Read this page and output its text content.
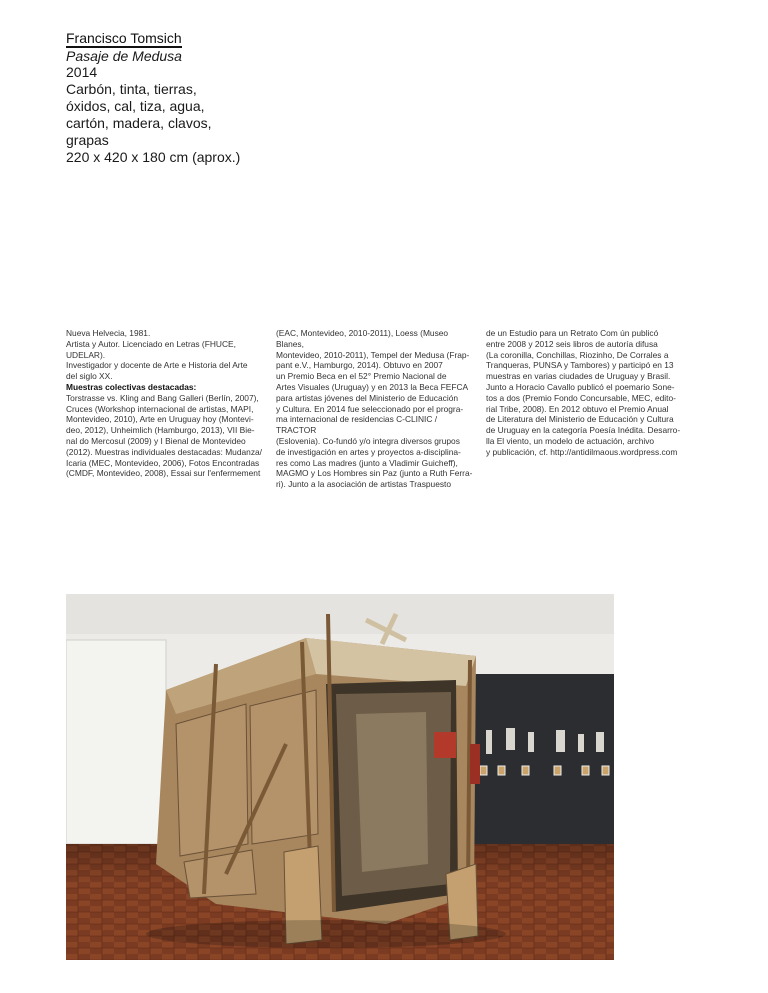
Francisco Tomsich
Pasaje de Medusa
2014
Carbón, tinta, tierras,
óxidos, cal, tiza, agua,
cartón, madera, clavos,
grapas
220 x 420 x 180 cm (aprox.)

Nueva Helvecia, 1981.

Artista y Autor. Licenciado en Letras (FHUCE, UDELAR).

Investigador y docente de Arte e Historia del Arte

del siglo XX.

Muestras colectivas destacadas:

Torstrasse vs. Kling and Bang Galleri (Berlín, 2007),

Cruces (Workshop internacional de artistas, MAPI,

Montevideo, 2010), Arte en Uruguay hoy (Montevi-

deo, 2012), Unheimlich (Hamburgo, 2013), VII Bie-

nal do Mercosul (2009) y I Bienal de Montevideo

(2012). Muestras individuales destacadas: Mudanza/

Icaria (MEC, Montevideo, 2006), Fotos Encontradas

(CMDF, Montevideo, 2008), Essai sur l'enfermement

(EAC, Montevideo, 2010-2011), Loess (Museo Blanes,

Montevideo, 2010-2011), Tempel der Medusa (Frap-

pant e.V., Hamburgo, 2014). Obtuvo en 2007

un Premio Beca en el 52° Premio Nacional de

Artes Visuales (Uruguay) y en 2013 la Beca FEFCA

para artistas jóvenes del Ministerio de Educación

y Cultura. En 2014 fue seleccionado por el progra-

ma internacional de residencias C-CLINIC / TRACTOR

(Eslovenia). Co-fundó y/o integra diversos grupos

de investigación en artes y proyectos a-disciplina-

res como Las madres (junto a Vladimir Guicheff),

MAGMO y Los Hombres sin Paz (junto a Ruth Ferra-

ri). Junto a la asociación de artistas Traspuesto

de un Estudio para un Retrato Com ún publicó

entre 2008 y 2012 seis libros de autoría difusa

(La coronilla, Conchillas, Riozinho, De Corrales a

Tranqueras, PUNSA y Tambores) y participó en 13

muestras en varias ciudades de Uruguay y Brasil.

Junto a Horacio Cavallo publicó el poemario Sone-

tos a dos (Premio Fondo Concursable, MEC, edito-

rial Tribe, 2008). En 2012 obtuvo el Premio Anual

de Literatura del Ministerio de Educación y Cultura

de Uruguay en la categoría Poesía Inédita. Desarro-

lla El viento, un modelo de actuación, archivo

y publicación, cf. http://antidilmaous.wordpress.com
